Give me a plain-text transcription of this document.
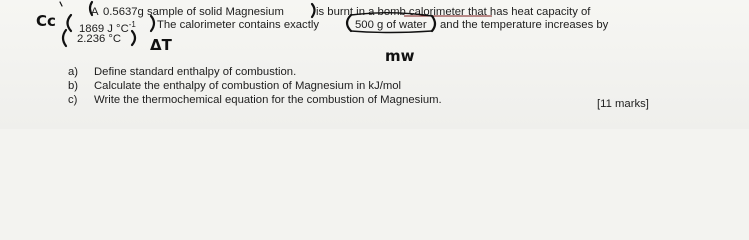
A 0.5637g sample of solid Magnesium	is burnt in a bomb calorimeter that has heat capacity of
1869 J $^\circ C^{-1}$ The calorimeter contains exactly	500 g of water and the temperature increases by
2.236 °C
a) Define standard enthalpy of combustion.
b) Calculate the enthalpy of combustion of Magnesium in kJ/mol
c) Write the thermochemical equation for the combustion of Magnesium.	[11 marks]
Cc
ΔT
mw
